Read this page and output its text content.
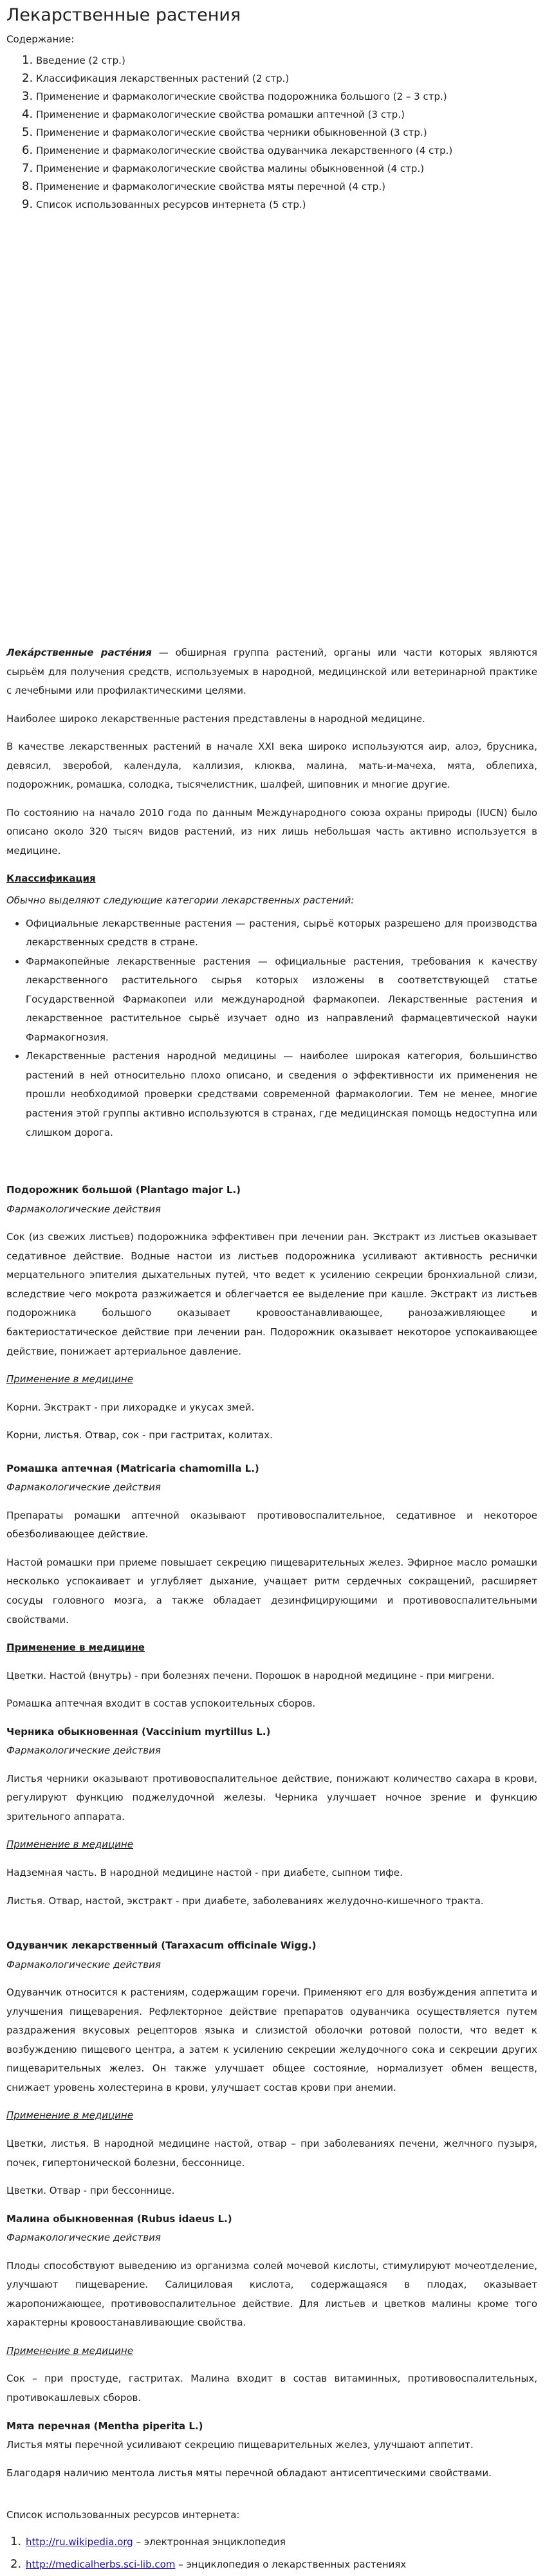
Лекарственные растения
Содержание:
1. Введение (2 стр.)
2. Классификация лекарственных растений (2 стр.)
3. Применение и фармакологические свойства подорожника большого (2 – 3 стр.)
4. Применение и фармакологические свойства ромашки аптечной (3 стр.)
5. Применение и фармакологические свойства черники обыкновенной (3 стр.)
6. Применение и фармакологические свойства одуванчика лекарственного (4 стр.)
7. Применение и фармакологические свойства малины обыкновенной (4 стр.)
8. Применение и фармакологические свойства мяты перечной (4 стр.)
9. Список использованных ресурсов интернета (5 стр.)

Лека́рственные расте́ния — обширная группа растений, органы или части которых являются сырьём для получения средств, используемых в народной, медицинской или ветеринарной практике с лечебными или профилактическими целями.

Наиболее широко лекарственные растения представлены в народной медицине.

В качестве лекарственных растений в начале XXI века широко используются аир, алоэ, брусника, девясил, зверобой, календула, каллизия, клюква, малина, мать-и-мачеха, мята, облепиха, подорожник, ромашка, солодка, тысячелистник, шалфей, шиповник и многие другие.

По состоянию на начало 2010 года по данным Международного союза охраны природы (IUCN) было описано около 320 тысяч видов растений, из них лишь небольшая часть активно используется в медицине.

Классификация

Обычно выделяют следующие категории лекарственных растений:

• Официальные лекарственные растения — растения, сырьё которых разрешено для производства лекарственных средств в стране.
• Фармакопейные лекарственные растения — официальные растения, требования к качеству лекарственного растительного сырья которых изложены в соответствующей статье Государственной Фармакопеи или международной фармакопеи. Лекарственные растения и лекарственное растительное сырьё изучает одно из направлений фармацевтической науки Фармакогнозия.
• Лекарственные растения народной медицины — наиболее широкая категория, большинство растений в ней относительно плохо описано, и сведения о эффективности их применения не прошли необходимой проверки средствами современной фармакологии. Тем не менее, многие растения этой группы активно используются в странах, где медицинская помощь недоступна или слишком дорога.

Подорожник большой (Plantago major L.)

Фармакологические действия

Сок (из свежих листьев) подорожника эффективен при лечении ран. Экстракт из листьев оказывает седативное действие. Водные настои из листьев подорожника усиливают активность реснички мерцательного эпителия дыхательных путей, что ведет к усилению секреции бронхиальной слизи, вследствие чего мокрота разжижается и облегчается ее выделение при кашле. Экстракт из листьев подорожника большого оказывает кровоостанавливающее, ранозаживляющее и бактериостатическое действие при лечении ран. Подорожник оказывает некоторое успокаивающее действие, понижает артериальное давление.

Применение в медицине

Корни. Экстракт - при лихорадке и укусах змей.

Корни, листья. Отвар, сок - при гастритах, колитах.

Ромашка аптечная (Matricaria chamomilla L.)

Фармакологические действия

Препараты ромашки аптечной оказывают противовоспалительное, седативное и некоторое обезболивающее действие.

Настой ромашки при приеме повышает секрецию пищеварительных желез. Эфирное масло ромашки несколько успокаивает и углубляет дыхание, учащает ритм сердечных сокращений, расширяет сосуды головного мозга, а также обладает дезинфицирующими и противовоспалительными свойствами.

Применение в медицине

Цветки. Настой (внутрь) - при болезнях печени. Порошок в народной медицине - при мигрени.

Ромашка аптечная входит в состав успокоительных сборов.

Черника обыкновенная (Vaccinium myrtillus L.)

Фармакологические действия

Листья черники оказывают противовоспалительное действие, понижают количество сахара в крови, регулируют функцию поджелудочной железы. Черника улучшает ночное зрение и функцию зрительного аппарата.

Применение в медицине

Надземная часть. В народной медицине настой - при диабете, сыпном тифе.

Листья. Отвар, настой, экстракт - при диабете, заболеваниях желудочно-кишечного тракта.

Одуванчик лекарственный (Taraxacum officinale Wigg.)

Фармакологические действия

Одуванчик относится к растениям, содержащим горечи. Применяют его для возбуждения аппетита и улучшения пищеварения. Рефлекторное действие препаратов одуванчика осуществляется путем раздражения вкусовых рецепторов языка и слизистой оболочки ротовой полости, что ведет к возбуждению пищевого центра, а затем к усилению секреции желудочного сока и секреции других пищеварительных желез. Он также улучшает общее состояние, нормализует обмен веществ, снижает уровень холестерина в крови, улучшает состав крови при анемии.

Применение в медицине

Цветки, листья. В народной медицине настой, отвар – при заболеваниях печени, желчного пузыря, почек, гипертонической болезни, бессоннице.

Цветки. Отвар - при бессоннице.

Малина обыкновенная (Rubus idaeus L.)

Фармакологические действия

Плоды способствуют выведению из организма солей мочевой кислоты, стимулируют мочеотделение, улучшают пищеварение. Салициловая кислота, содержащаяся в плодах, оказывает жаропонижающее, противовоспалительное действие. Для листьев и цветков малины кроме того характерны кровоостанавливающие свойства.

Применение в медицине

Сок – при простуде, гастритах. Малина входит в состав витаминных, противовоспалительных, противокашлевых сборов.

Мята перечная (Mentha piperita L.)

Листья мяты перечной усиливают секрецию пищеварительных желез, улучшают аппетит.

Благодаря наличию ментола листья мяты перечной обладают антисептическими свойствами.

Список использованных ресурсов интернета:

1. http://ru.wikipedia.org – электронная энциклопедия
2. http://medicalherbs.sci-lib.com – энциклопедия о лекарственных растениях
